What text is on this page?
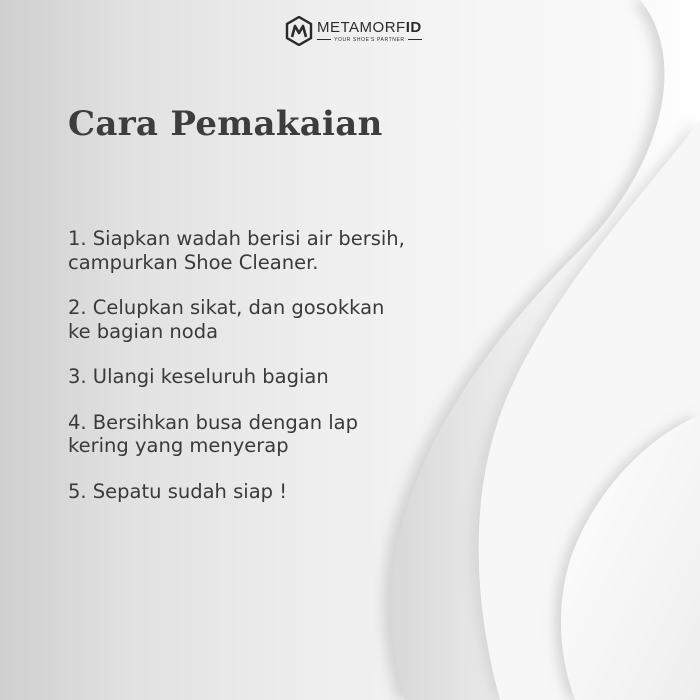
METAMORFID
YOUR SHOE'S PARTNER
Cara Pemakaian
1. Siapkan wadah berisi air bersih,
campurkan Shoe Cleaner.
2. Celupkan sikat, dan gosokkan
ke bagian noda
3. Ulangi keseluruh bagian
4. Bersihkan busa dengan lap
kering yang menyerap
5. Sepatu sudah siap !
